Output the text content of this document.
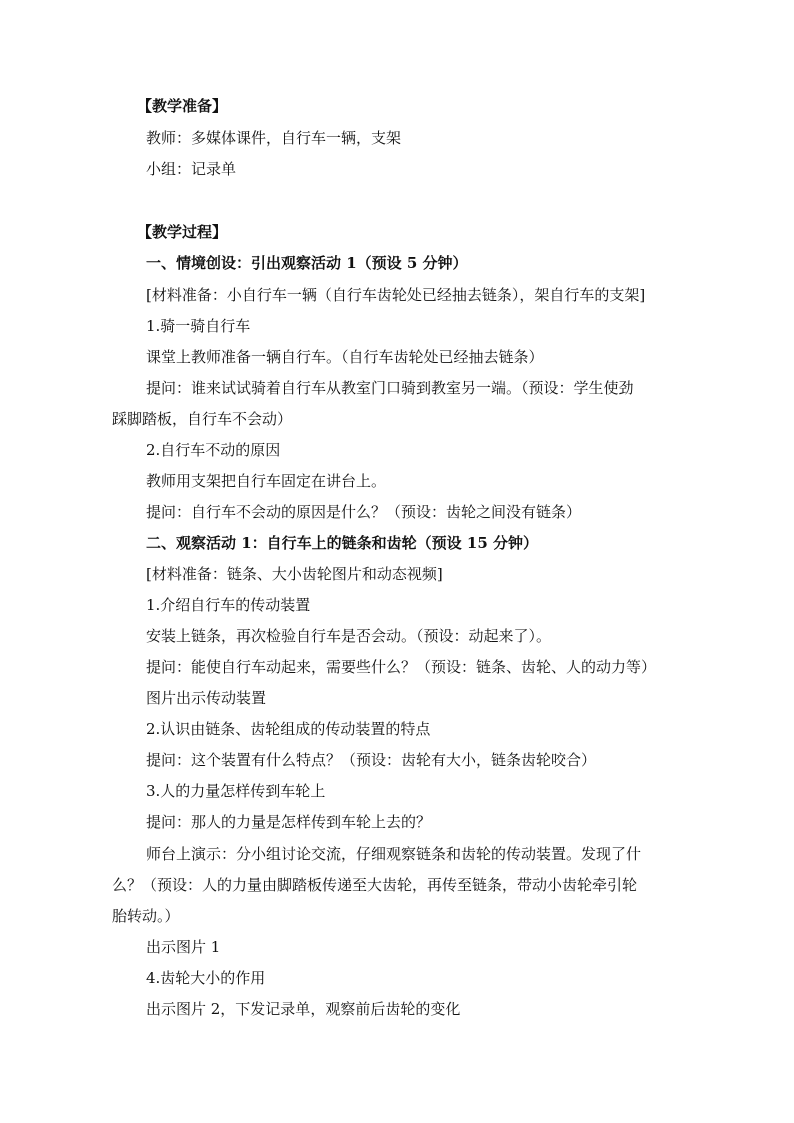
【教学准备】
教师：多媒体课件，自行车一辆，支架
小组：记录单
【教学过程】
一、情境创设：引出观察活动 1（预设 5 分钟）
[材料准备：小自行车一辆（自行车齿轮处已经抽去链条），架自行车的支架]
1.骑一骑自行车
课堂上教师准备一辆自行车。（自行车齿轮处已经抽去链条）
提问：谁来试试骑着自行车从教室门口骑到教室另一端。（预设：学生使劲
踩脚踏板，自行车不会动）
2.自行车不动的原因
教师用支架把自行车固定在讲台上。
提问：自行车不会动的原因是什么？（预设：齿轮之间没有链条）
二、观察活动 1：自行车上的链条和齿轮（预设 15 分钟）
[材料准备：链条、大小齿轮图片和动态视频]
1.介绍自行车的传动装置
安装上链条，再次检验自行车是否会动。（预设：动起来了）。
提问：能使自行车动起来，需要些什么？（预设：链条、齿轮、人的动力等）
图片出示传动装置
2.认识由链条、齿轮组成的传动装置的特点
提问：这个装置有什么特点？（预设：齿轮有大小，链条齿轮咬合）
3.人的力量怎样传到车轮上
提问：那人的力量是怎样传到车轮上去的？
师台上演示：分小组讨论交流，仔细观察链条和齿轮的传动装置。发现了什
么？（预设：人的力量由脚踏板传递至大齿轮，再传至链条，带动小齿轮牵引轮
胎转动。）
出示图片 1
4.齿轮大小的作用
出示图片 2，下发记录单，观察前后齿轮的变化
